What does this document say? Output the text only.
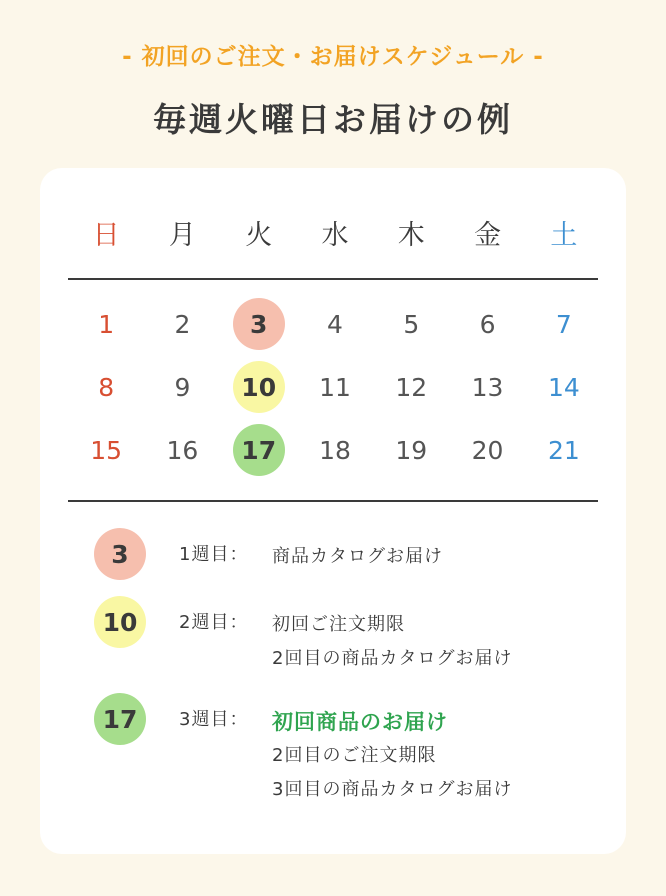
- 初回のご注文・お届けスケジュール -
毎週火曜日お届けの例
日	月	火	水	木	金	土
1	2	3	4	5	6	7
8	9	10	11	12	13	14
15	16	17	18	19	20	21
3	1週目： 商品カタログお届け
10	2週目： 初回ご注文期限
2回目の商品カタログお届け
17	3週目： 初回商品のお届け
2回目のご注文期限
3回目の商品カタログお届け
